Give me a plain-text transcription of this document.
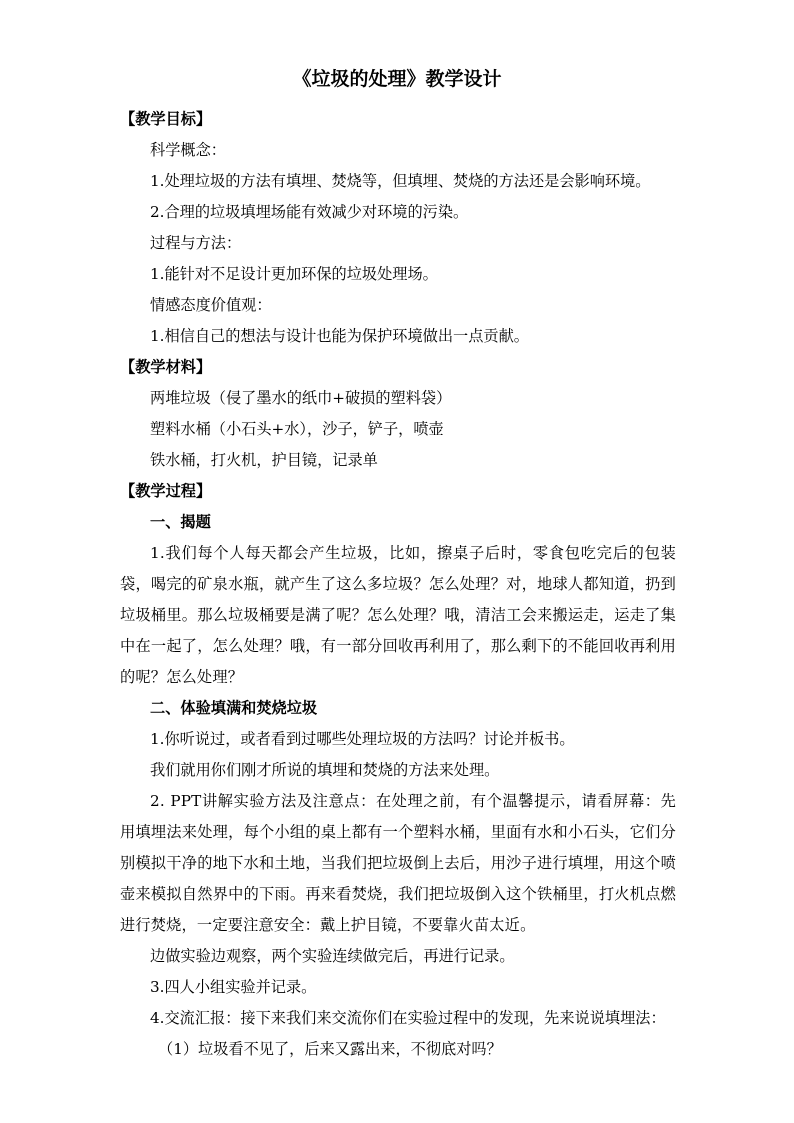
《垃圾的处理》教学设计

【教学目标】

科学概念：

1.处理垃圾的方法有填埋、焚烧等，但填埋、焚烧的方法还是会影响环境。

2.合理的垃圾填埋场能有效减少对环境的污染。

过程与方法：

1.能针对不足设计更加环保的垃圾处理场。

情感态度价值观：

1.相信自己的想法与设计也能为保护环境做出一点贡献。

【教学材料】

两堆垃圾（侵了墨水的纸巾+破损的塑料袋）

塑料水桶（小石头+水），沙子，铲子，喷壶

铁水桶，打火机，护目镜，记录单

【教学过程】

一、揭题

1.我们每个人每天都会产生垃圾，比如，擦桌子后时，零食包吃完后的包装袋，喝完的矿泉水瓶，就产生了这么多垃圾？怎么处理？对，地球人都知道，扔到垃圾桶里。那么垃圾桶要是满了呢？怎么处理？哦，清洁工会来搬运走，运走了集中在一起了，怎么处理？哦，有一部分回收再利用了，那么剩下的不能回收再利用的呢？怎么处理？

二、体验填满和焚烧垃圾

1.你听说过，或者看到过哪些处理垃圾的方法吗？讨论并板书。

我们就用你们刚才所说的填埋和焚烧的方法来处理。

2. PPT讲解实验方法及注意点：在处理之前，有个温馨提示，请看屏幕：先用填埋法来处理，每个小组的桌上都有一个塑料水桶，里面有水和小石头，它们分别模拟干净的地下水和土地，当我们把垃圾倒上去后，用沙子进行填埋，用这个喷壶来模拟自然界中的下雨。再来看焚烧，我们把垃圾倒入这个铁桶里，打火机点燃进行焚烧，一定要注意安全：戴上护目镜，不要靠火苗太近。

边做实验边观察，两个实验连续做完后，再进行记录。

3.四人小组实验并记录。

4.交流汇报：接下来我们来交流你们在实验过程中的发现，先来说说填埋法：

（1）垃圾看不见了，后来又露出来，不彻底对吗？
